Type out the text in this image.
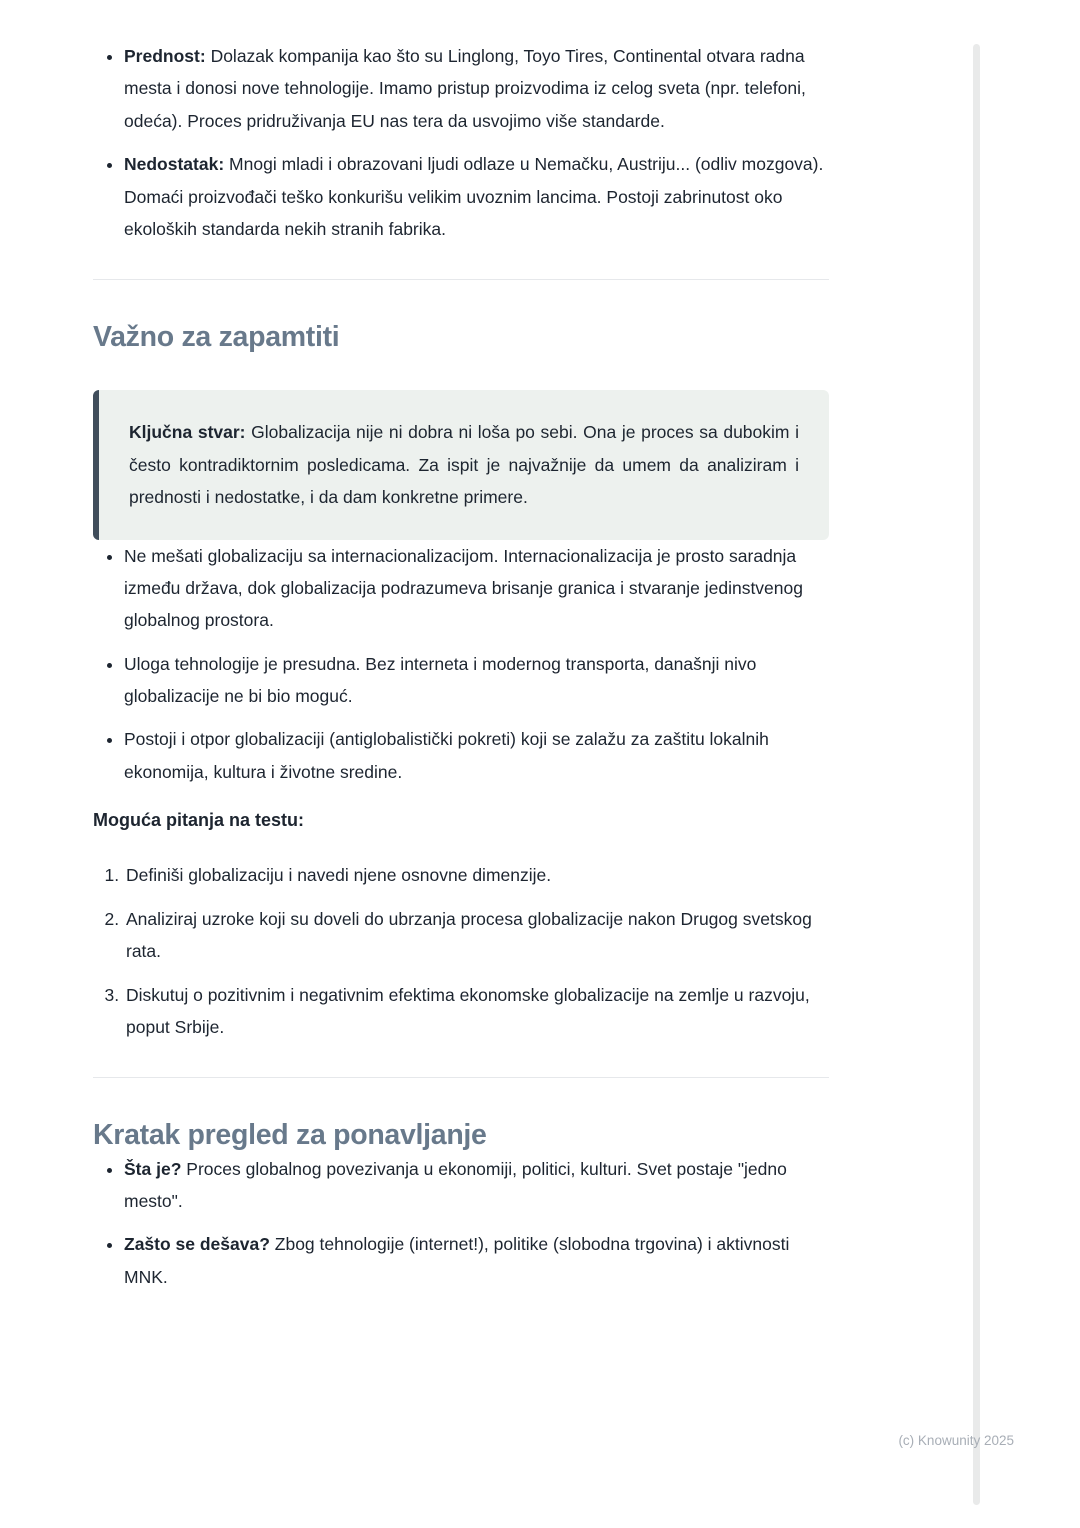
• Prednost: Dolazak kompanija kao što su Linglong, Toyo Tires, Continental otvara radna mesta i donosi nove tehnologije. Imamo pristup proizvodima iz celog sveta (npr. telefoni, odeća). Proces pridruživanja EU nas tera da usvojimo više standarde.
• Nedostatak: Mnogi mladi i obrazovani ljudi odlaze u Nemačku, Austriju... (odliv mozgova). Domaći proizvođači teško konkurišu velikim uvoznim lancima. Postoji zabrinutost oko ekoloških standarda nekih stranih fabrika.
Važno za zapamtiti

Ključna stvar: Globalizacija nije ni dobra ni loša po sebi. Ona je proces sa dubokim i često kontradiktornim posledicama. Za ispit je najvažnije da umem da analiziram i prednosti i nedostatke, i da dam konkretne primere.

• Ne mešati globalizaciju sa internacionalizacijom. Internacionalizacija je prosto saradnja između država, dok globalizacija podrazumeva brisanje granica i stvaranje jedinstvenog globalnog prostora.
• Uloga tehnologije je presudna. Bez interneta i modernog transporta, današnji nivo globalizacije ne bi bio moguć.
• Postoji i otpor globalizaciji (antiglobalistički pokreti) koji se zalažu za zaštitu lokalnih ekonomija, kultura i životne sredine.

Moguća pitanja na testu:

1. Definiši globalizaciju i navedi njene osnovne dimenzije.
2. Analiziraj uzroke koji su doveli do ubrzanja procesa globalizacije nakon Drugog svetskog rata.
3. Diskutuj o pozitivnim i negativnim efektima ekonomske globalizacije na zemlje u razvoju, poput Srbije.
Kratak pregled za ponavljanje
• Šta je? Proces globalnog povezivanja u ekonomiji, politici, kulturi. Svet postaje "jedno mesto".
• Zašto se dešava? Zbog tehnologije (internet!), politike (slobodna trgovina) i aktivnosti MNK.
(c) Knowunity 2025
